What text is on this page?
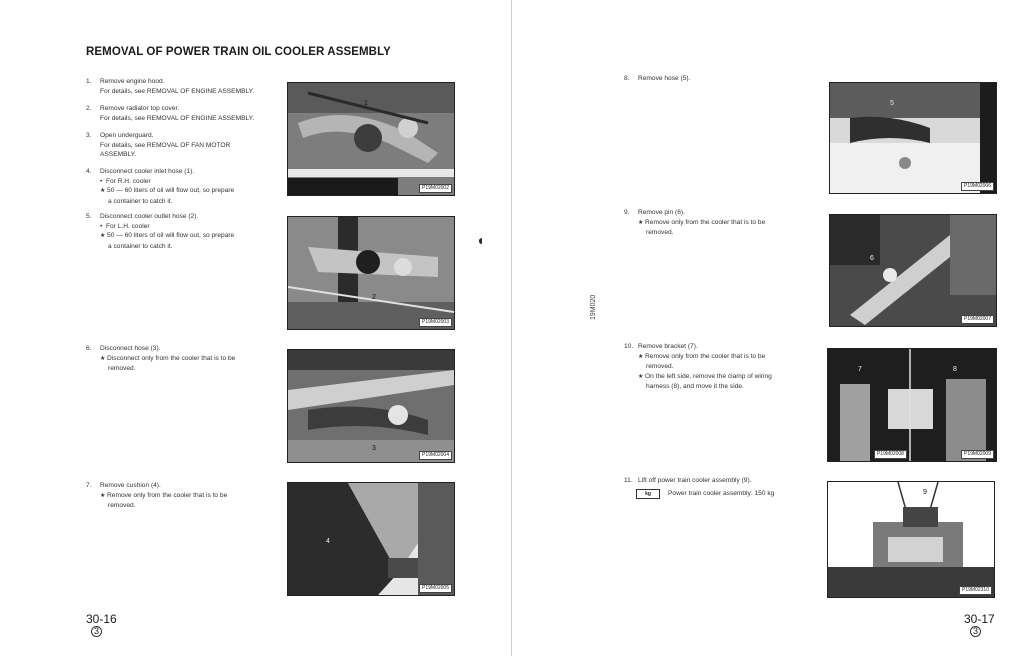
REMOVAL OF POWER TRAIN OIL COOLER ASSEMBLY
1. Remove engine hood.
For details, see REMOVAL OF ENGINE ASSEMBLY.
2. Remove radiator top cover.
For details, see REMOVAL OF ENGINE ASSEMBLY.
3. Open underguard.
For details, see REMOVAL OF FAN MOTOR
ASSEMBLY.
4. Disconnect cooler inlet hose (1).
•  For R.H. cooler
★ 50 — 60 liters of oil will flow out, so prepare
a container to catch it.
5. Disconnect cooler outlet hose (2).
•  For L.H. cooler
★ 50 — 60 liters of oil will flow out, so prepare
a container to catch it.
6. Disconnect hose (3).
★ Disconnect only from the cooler that is to be
removed.
7. Remove cushion (4).
★ Remove only from the cooler that is to be
removed.
1
P19M02002
2
P19M02003
3
P19M02004
4
P19M02005
30-16
3
◖
8. Remove hose (5).
9. Remove pin (6).
★ Remove only from the cooler that is to be
removed.
10. Remove bracket (7).
★ Remove only from the cooler that is to be
removed.
★ On the left side, remove the clamp of wiring
harness (8), and move it the side.
11. Lift off power train cooler assembly (9).
Power train cooler assembly: 150 kg
kg
19M020
5
P19M02006
6
P19M02007
7	8
P19M02008	P19M02009
9
P19M02310
30-17
3
